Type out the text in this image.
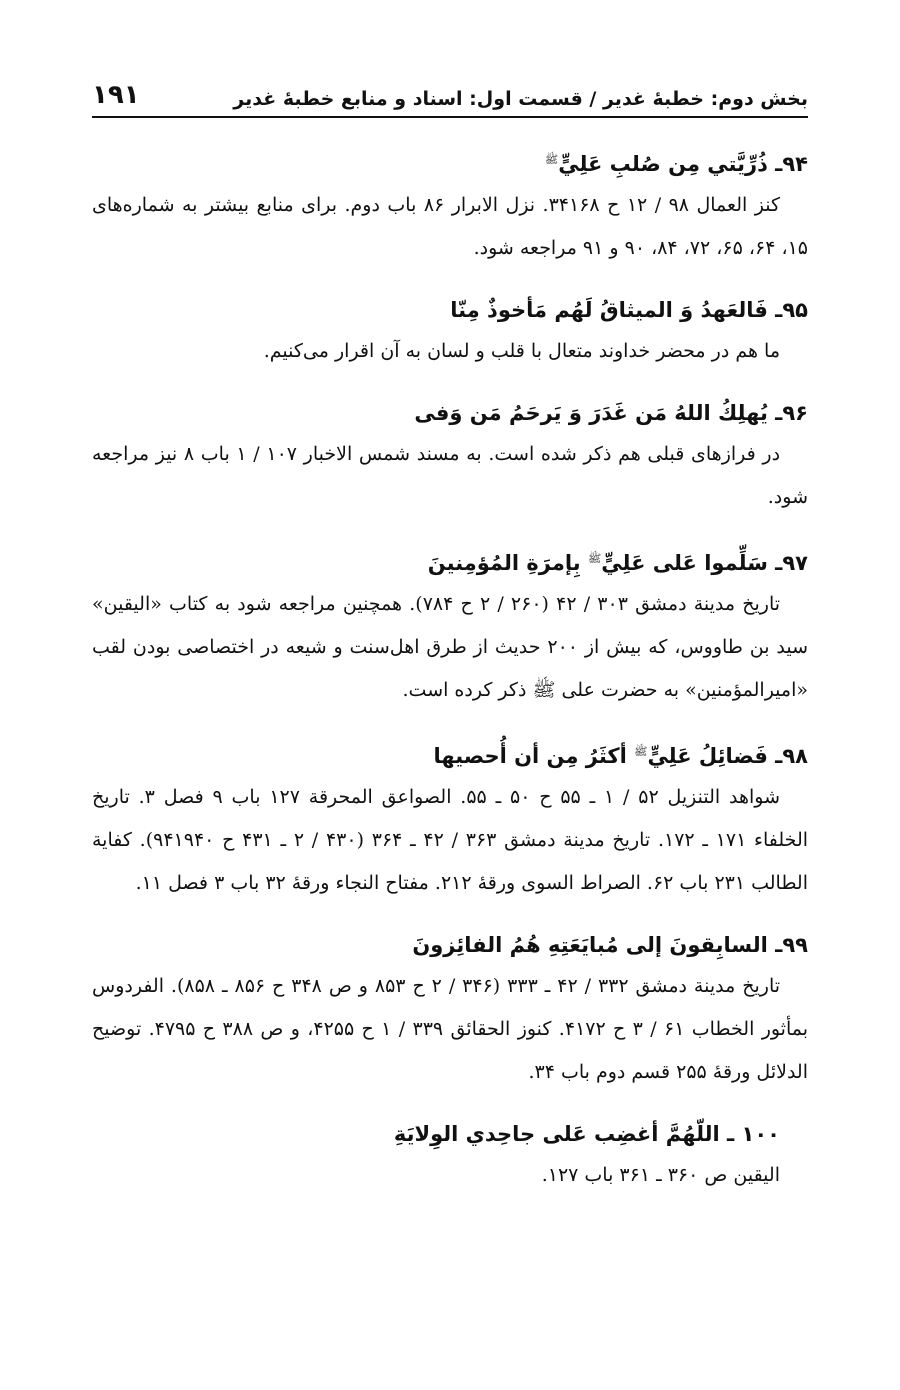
بخش دوم: خطبهٔ غدیر / قسمت اول: اسناد و منابع خطبهٔ غدیر
۱۹۱
۹۴ـ ذُرِّيَّتي مِن صُلبِ عَلِيٍّ$^ﷺ$
کنز العمال ۹۸ / ۱۲ ح ۳۴۱۶۸. نزل الابرار ۸۶ باب دوم. برای منابع بیشتر به شماره‌های ۱۵، ۶۴، ۶۵، ۷۲، ۸۴، ۹۰ و ۹۱ مراجعه شود.
۹۵ـ فَالعَهدُ وَ الميثاقُ لَهُم مَأخوذٌ مِنّا
ما هم در محضر خداوند متعال با قلب و لسان به آن اقرار می‌کنیم.
۹۶ـ يُهلِكُ اللهُ مَن غَدَرَ وَ يَرحَمُ مَن وَفى
در فرازهای قبلی هم ذکر شده است. به مسند شمس الاخبار ۱۰۷ / ۱ باب ۸ نیز مراجعه شود.
۹۷ـ سَلِّموا عَلى عَلِيٍّ$^ﷺ$ بِإمرَةِ المُؤمِنينَ
تاریخ مدینة دمشق ۳۰۳ / ۴۲ (۲۶۰ / ۲ ح ۷۸۴). همچنین مراجعه شود به کتاب «الیقین» سید بن طاووس، که بیش از ۲۰۰ حدیث از طرق اهل‌سنت و شیعه در اختصاصی بودن لقب «امیرالمؤمنین» به حضرت علی ﷺ ذکر کرده است.
۹۸ـ فَضائِلُ عَلِيٍّ$^ﷺ$ أكثَرُ مِن أن أُحصيها
شواهد التنزیل ۵۲ / ۱ ـ ۵۵ ح ۵۰ ـ ۵۵. الصواعق المحرقة ۱۲۷ باب ۹ فصل ۳. تاریخ الخلفاء ۱۷۱ ـ ۱۷۲. تاریخ مدینة دمشق ۳۶۳ / ۴۲ ـ ۳۶۴ (۴۳۰ / ۲ ـ ۴۳۱ ح ۹۴۱۹۴۰). کفایة الطالب ۲۳۱ باب ۶۲. الصراط السوی ورقهٔ ۲۱۲. مفتاح النجاء ورقهٔ ۳۲ باب ۳ فصل ۱۱.
۹۹ـ السابِقونَ إلى مُبايَعَتِهِ هُمُ الفائِزونَ
تاریخ مدینة دمشق ۳۳۲ / ۴۲ ـ ۳۳۳ (۳۴۶ / ۲ ح ۸۵۳ و ص ۳۴۸ ح ۸۵۶ ـ ۸۵۸). الفردوس بمأثور الخطاب ۶۱ / ۳ ح ۴۱۷۲. کنوز الحقائق ۳۳۹ / ۱ ح ۴۲۵۵، و ص ۳۸۸ ح ۴۷۹۵. توضیح الدلائل ورقهٔ ۲۵۵ قسم دوم باب ۳۴.
۱۰۰ ـ اللّهُمَّ أغضِب عَلى جاحِدي الوِلايَةِ
الیقین ص ۳۶۰ ـ ۳۶۱ باب ۱۲۷.
